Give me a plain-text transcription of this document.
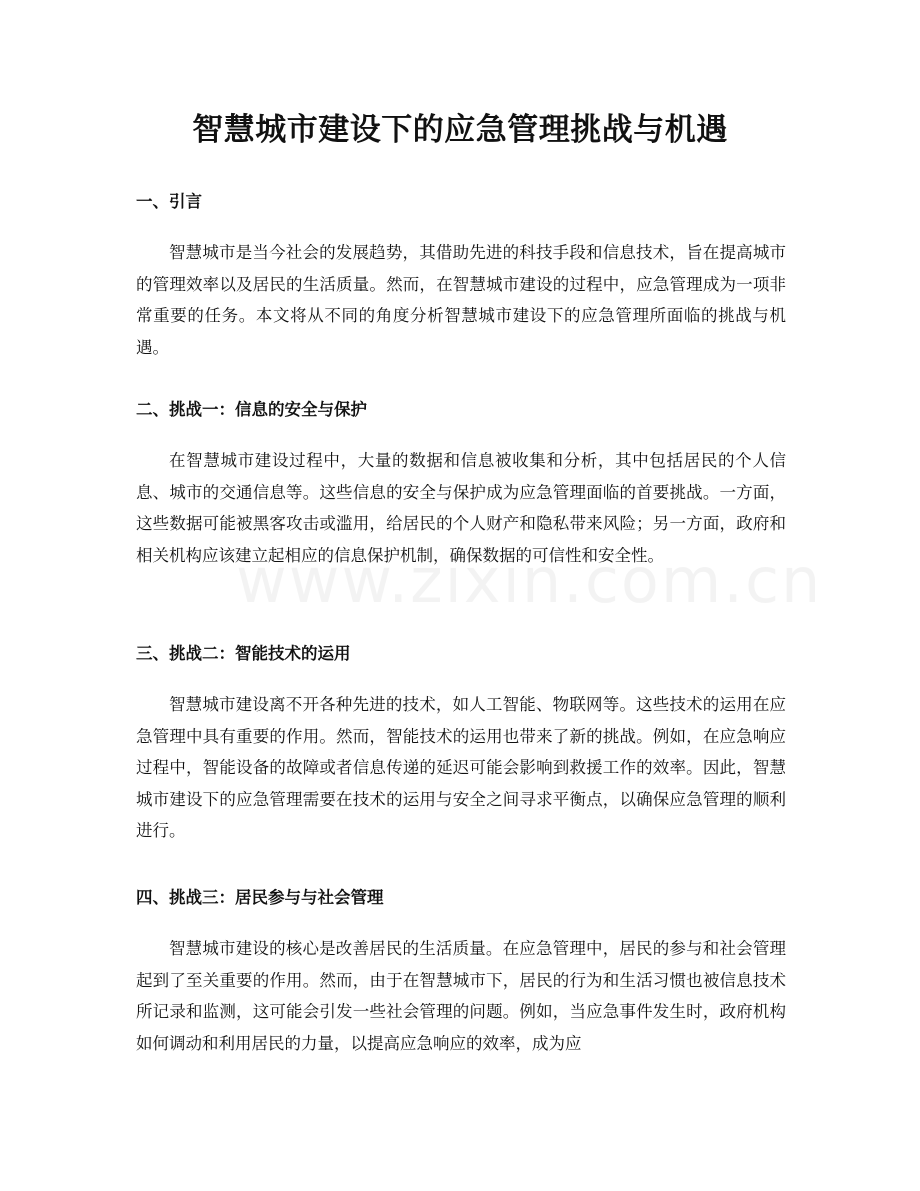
智慧城市建设下的应急管理挑战与机遇
一、引言

智慧城市是当今社会的发展趋势，其借助先进的科技手段和信息技术，旨在提高城市的管理效率以及居民的生活质量。然而，在智慧城市建设的过程中，应急管理成为一项非常重要的任务。本文将从不同的角度分析智慧城市建设下的应急管理所面临的挑战与机遇。

二、挑战一：信息的安全与保护

在智慧城市建设过程中，大量的数据和信息被收集和分析，其中包括居民的个人信息、城市的交通信息等。这些信息的安全与保护成为应急管理面临的首要挑战。一方面，这些数据可能被黑客攻击或滥用，给居民的个人财产和隐私带来风险；另一方面，政府和相关机构应该建立起相应的信息保护机制，确保数据的可信性和安全性。

三、挑战二：智能技术的运用

智慧城市建设离不开各种先进的技术，如人工智能、物联网等。这些技术的运用在应急管理中具有重要的作用。然而，智能技术的运用也带来了新的挑战。例如，在应急响应过程中，智能设备的故障或者信息传递的延迟可能会影响到救援工作的效率。因此，智慧城市建设下的应急管理需要在技术的运用与安全之间寻求平衡点，以确保应急管理的顺利进行。

四、挑战三：居民参与与社会管理

智慧城市建设的核心是改善居民的生活质量。在应急管理中，居民的参与和社会管理起到了至关重要的作用。然而，由于在智慧城市下，居民的行为和生活习惯也被信息技术所记录和监测，这可能会引发一些社会管理的问题。例如，当应急事件发生时，政府机构如何调动和利用居民的力量，以提高应急响应的效率，成为应
